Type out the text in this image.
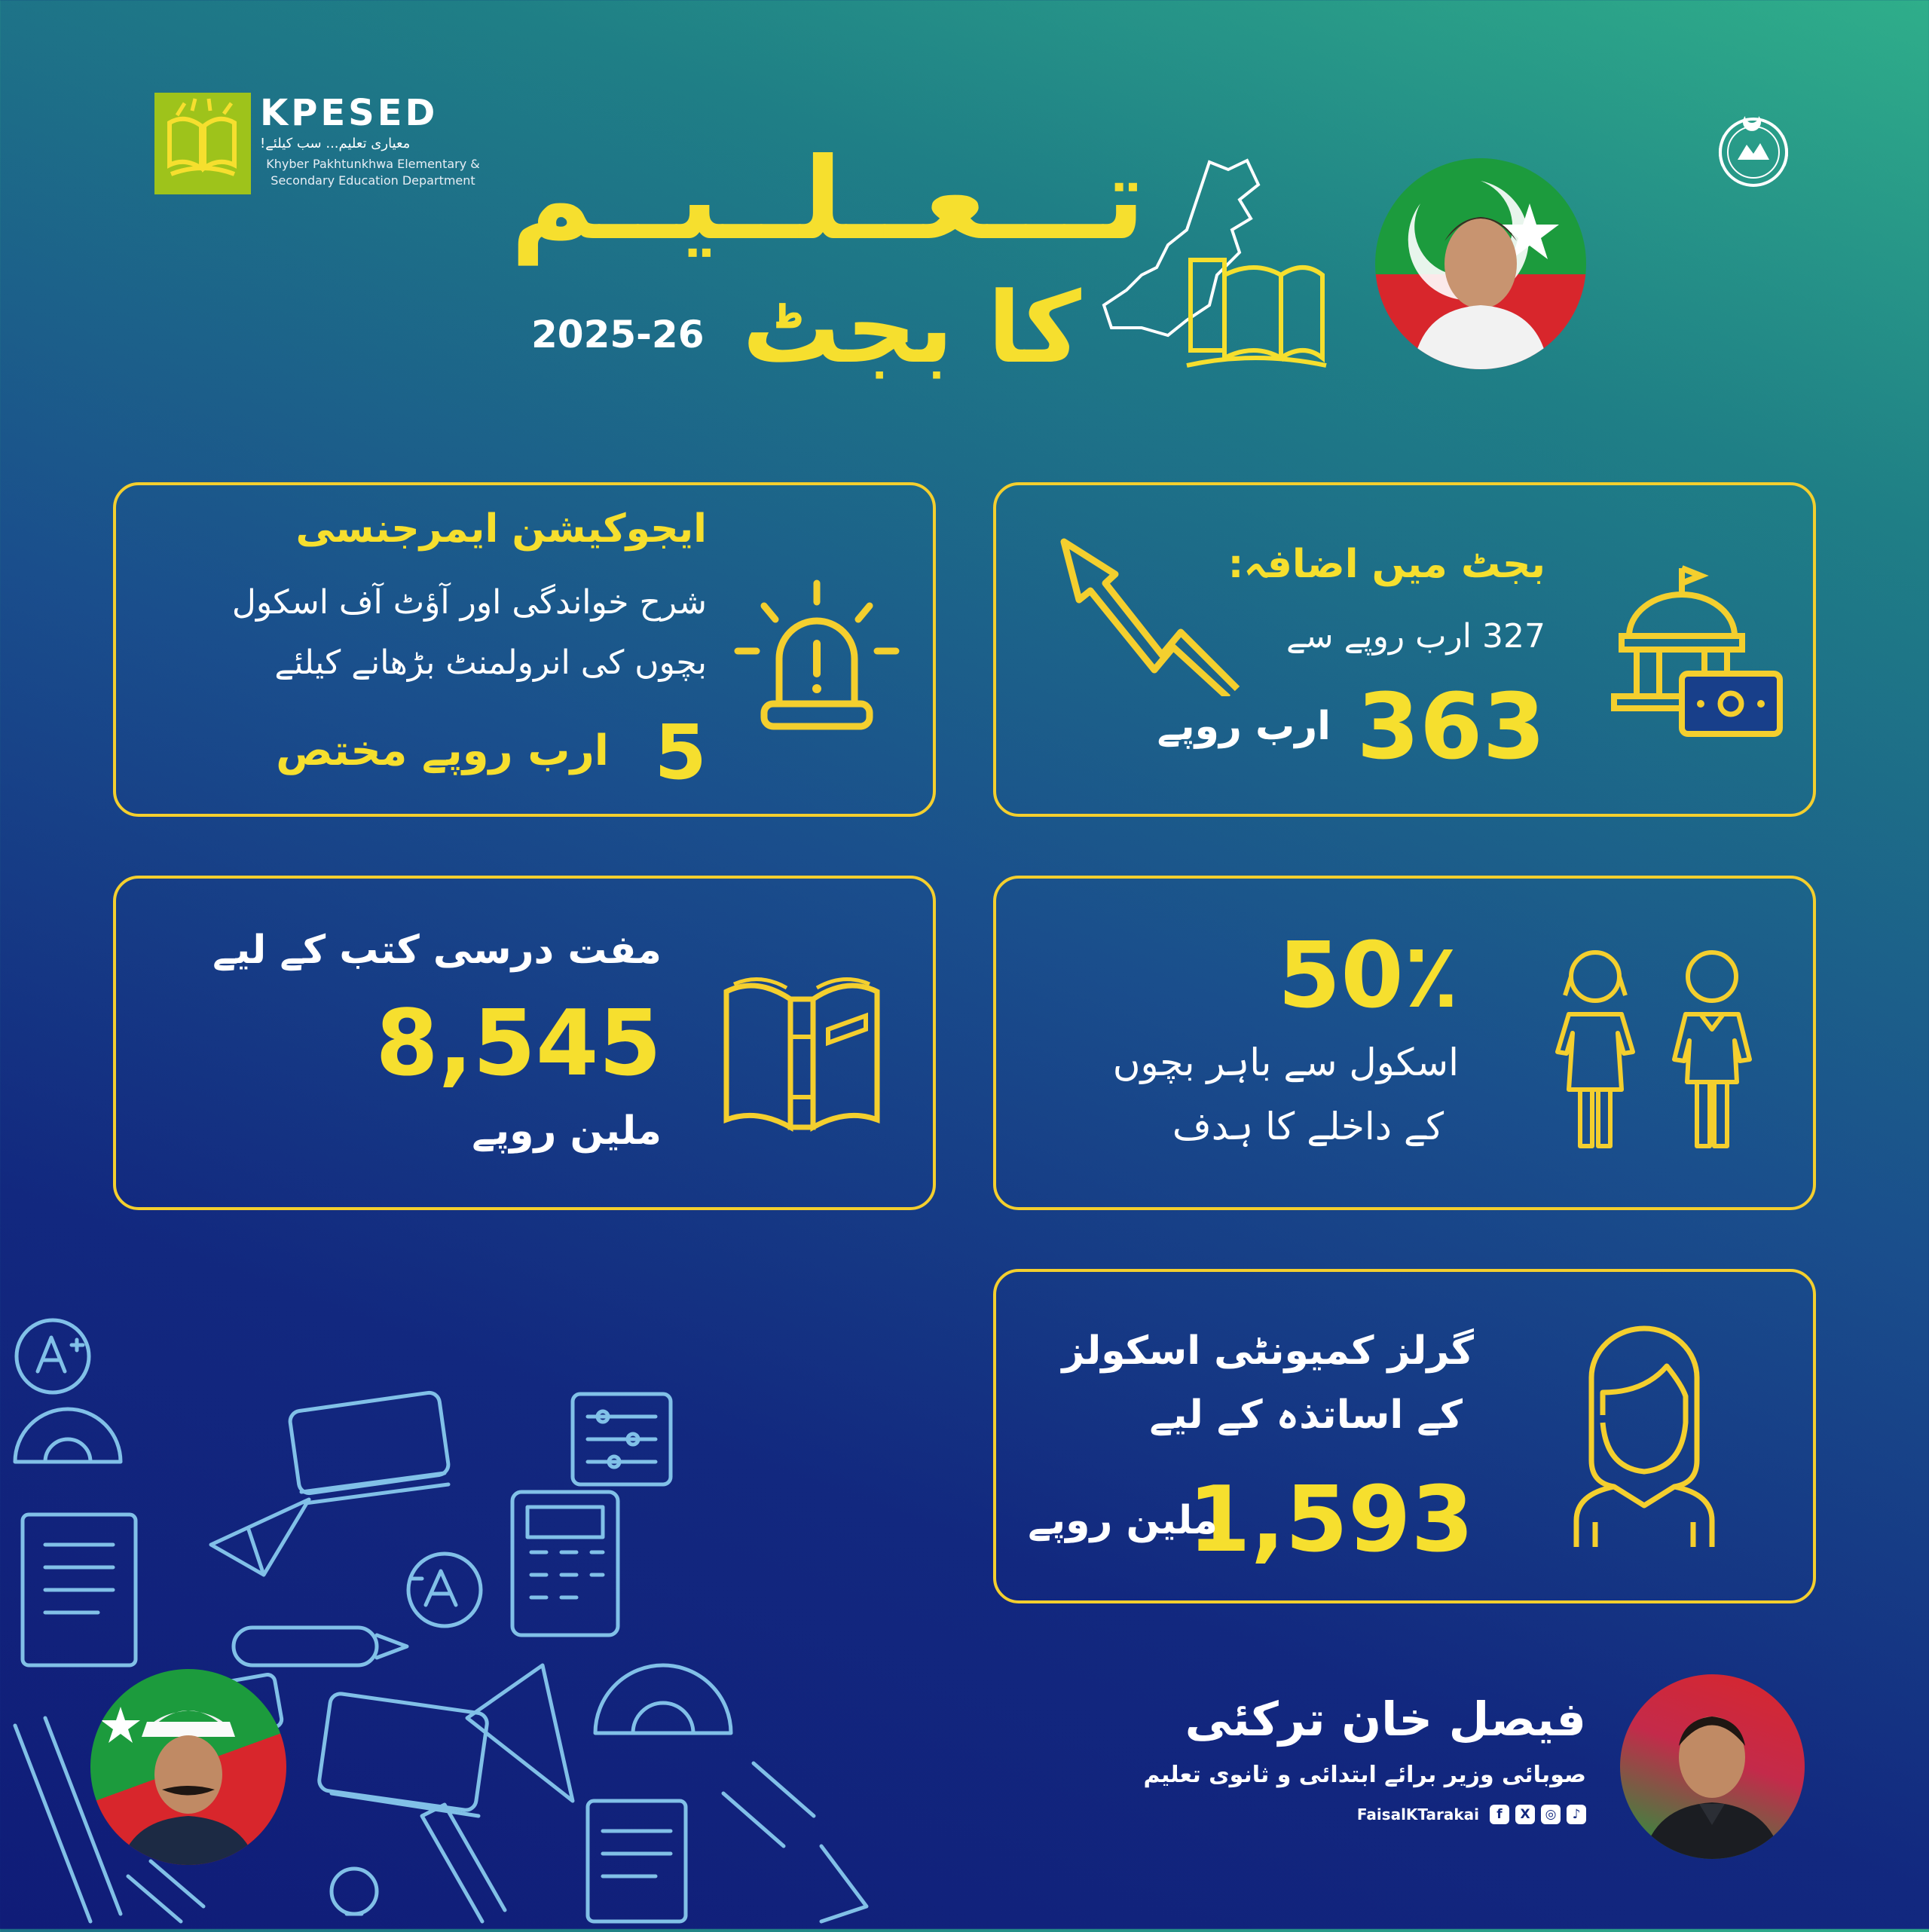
KPESED
معیاری تعلیم... سب کیلئے!
Khyber Pakhtunkhwa Elementary & Secondary Education Department تـــعــلــيــم
كا بجٹ
2025-26
ایجوکیشن ایمرجنسی
شرح خواندگی اور آؤٹ آف اسکول
بچوں کی انرولمنٹ بڑھانے کیلئے
5
ارب روپے مختص
بجٹ میں اضافہ:
327 ارب روپے سے
363
ارب روپے
مفت درسی کتب کے لیے
8,545
ملین روپے
50٪
اسکول سے باہر بچوں
کے داخلے کا ہدف
گرلز کمیونٹی اسکولز
کے اساتذہ کے لیے
1,593
ملین روپے
فیصل خان ترکئی
صوبائی وزیر برائے ابتدائی و ثانوی تعلیم
FaisalKTarakai	f	X	◎	♪
